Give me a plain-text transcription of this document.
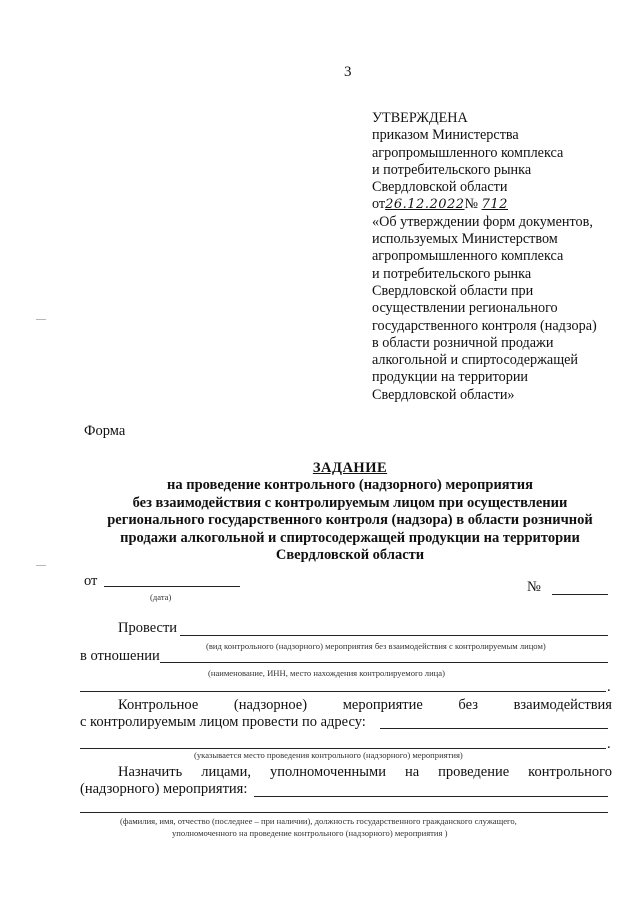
3
УТВЕРЖДЕНА
приказом Министерства
агропромышленного комплекса
и потребительского рынка
Свердловской области
от26.12.2022№ 712
«Об утверждении форм документов,
используемых Министерством
агропромышленного комплекса
и потребительского рынка
Свердловской области при
осуществлении регионального
государственного контроля (надзора)
в области розничной продажи
алкогольной и спиртосодержащей
продукции на территории
Свердловской области»
—
—
Форма
ЗАДАНИЕ
на проведение контрольного (надзорного) мероприятия
без взаимодействия с контролируемым лицом при осуществлении
регионального государственного контроля (надзора) в области розничной
продажи алкогольной и спиртосодержащей продукции на территории
Свердловской области
от
(дата)
№
Провести
(вид контрольного (надзорного) мероприятия без взаимодействия с контролируемым лицом)
в отношении
(наименование, ИНН, место нахождения контролируемого лица)
.
Контрольное (надзорное) мероприятие без взаимодействия
с контролируемым лицом провести по адресу:
.
(указывается место проведения контрольного (надзорного) мероприятия)
Назначить лицами, уполномоченными на проведение контрольного
(надзорного) мероприятия:
(фамилия, имя, отчество (последнее – при наличии), должность государственного гражданского служащего,
уполномоченного на проведение контрольного (надзорного) мероприятия )
